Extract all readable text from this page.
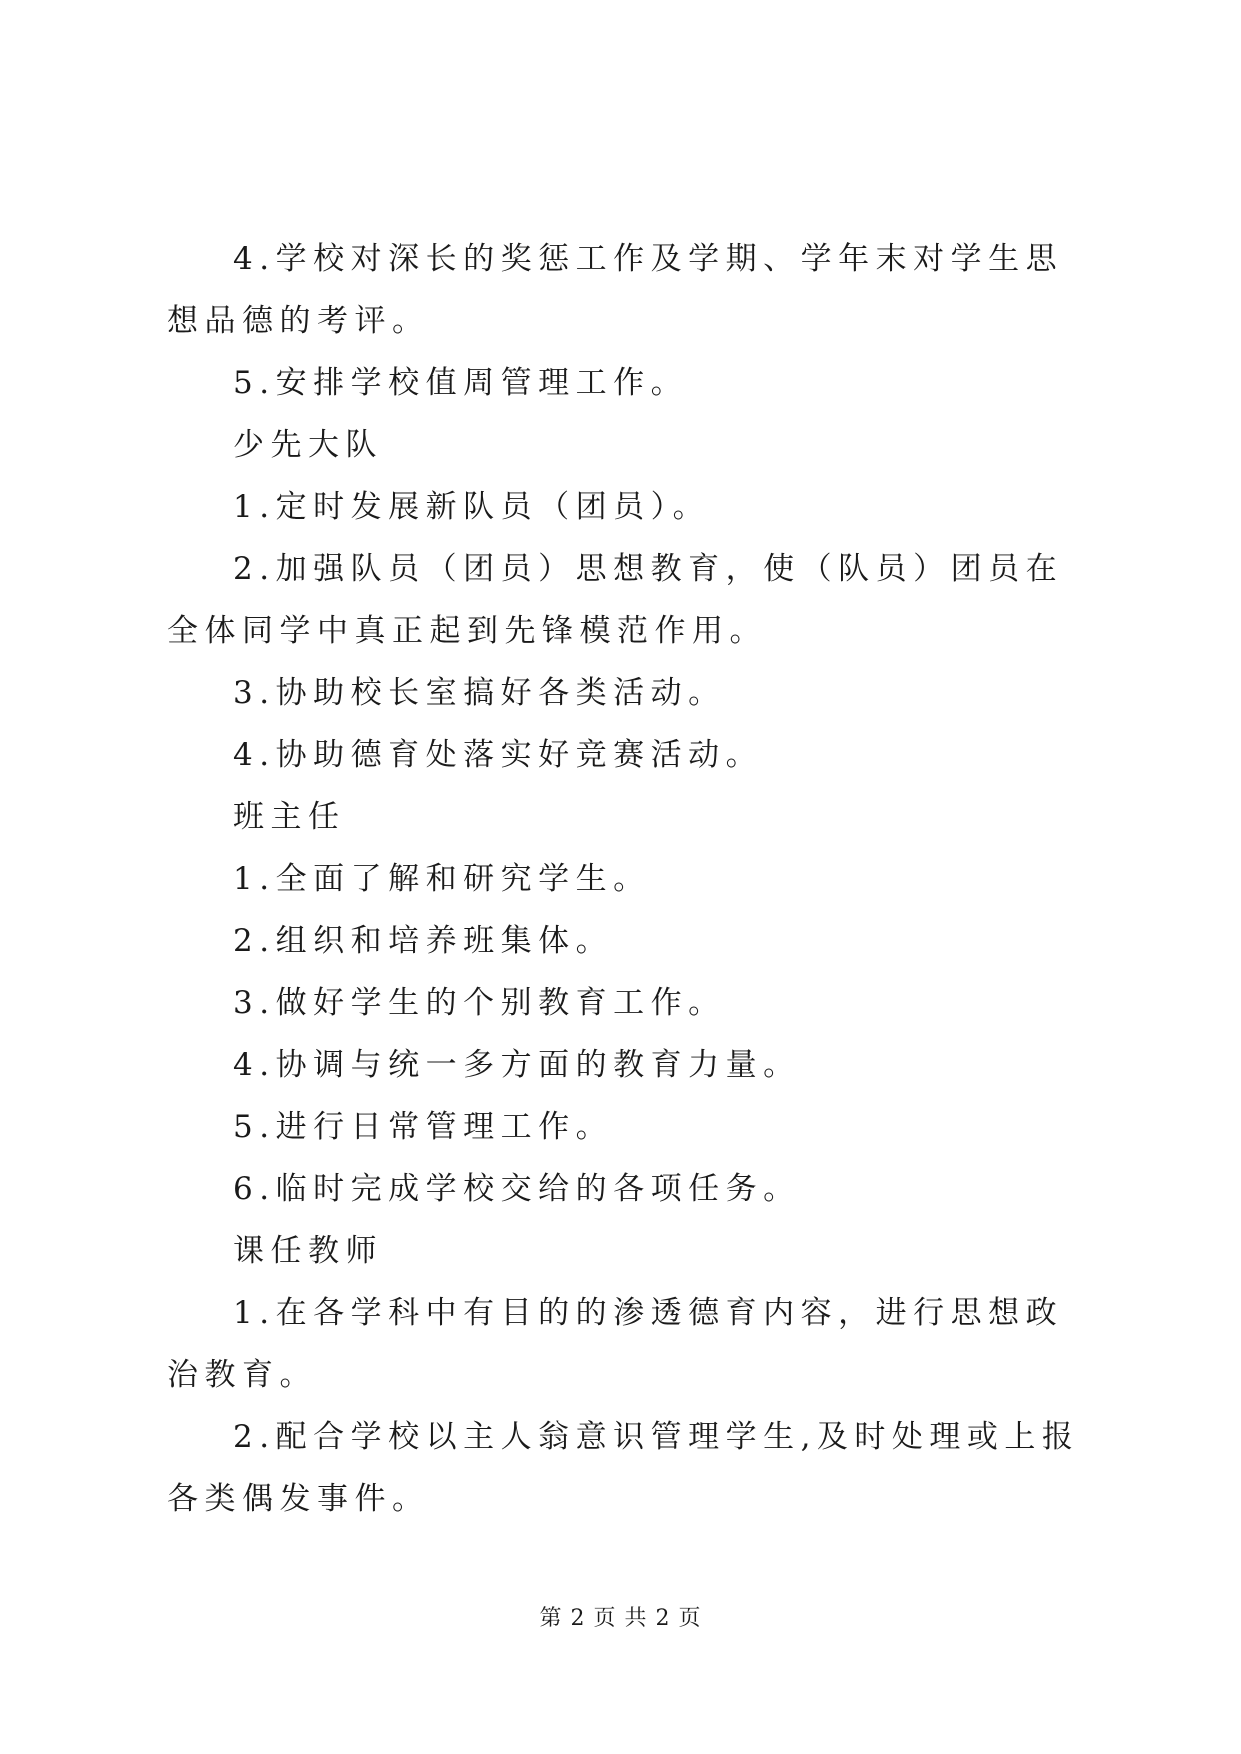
4.学校对深长的奖惩工作及学期、学年末对学生思想品德的考评。

5.安排学校值周管理工作。

少先大队

1.定时发展新队员（团员）。

2.加强队员（团员）思想教育，使（队员）团员在全体同学中真正起到先锋模范作用。

3.协助校长室搞好各类活动。

4.协助德育处落实好竞赛活动。

班主任

1.全面了解和研究学生。

2.组织和培养班集体。

3.做好学生的个别教育工作。

4.协调与统一多方面的教育力量。

5.进行日常管理工作。

6.临时完成学校交给的各项任务。

课任教师

1.在各学科中有目的的渗透德育内容，进行思想政治教育。

2.配合学校以主人翁意识管理学生,及时处理或上报各类偶发事件。

第 2 页 共 2 页
